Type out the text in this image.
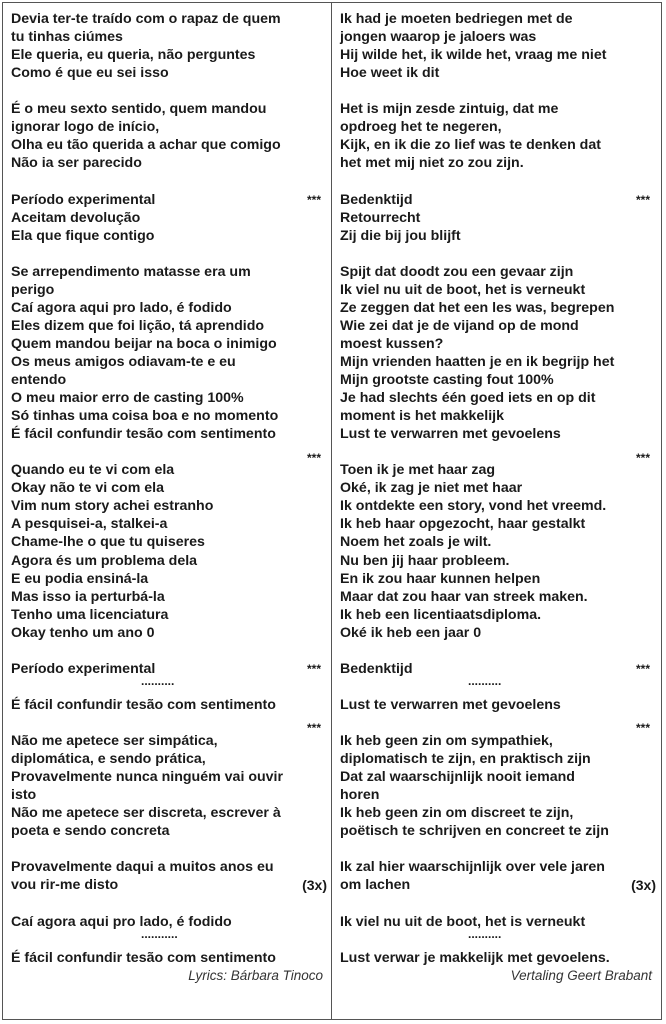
Devia ter-te traído com o rapaz de quem
tu tinhas ciúmes
Ele queria, eu queria, não perguntes
Como é que eu sei isso
É o meu sexto sentido, quem mandou
ignorar logo de início,
Olha eu tão querida a achar que comigo
Não ia ser parecido
Período experimental
Aceitam devolução
Ela que fique contigo
Se arrependimento matasse era um
perigo
Caí agora aqui pro lado, é fodido
Eles dizem que foi lição, tá aprendido
Quem mandou beijar na boca o inimigo
Os meus amigos odiavam-te e eu
entendo
O meu maior erro de casting 100%
Só tinhas uma coisa boa e no momento
É fácil confundir tesão com sentimento
Quando eu te vi com ela
Okay não te vi com ela
Vim num story achei estranho
A pesquisei-a, stalkei-a
Chame-lhe o que tu quiseres
Agora és um problema dela
E eu podia ensiná-la
Mas isso ia perturbá-la
Tenho uma licenciatura
Okay tenho um ano 0
Período experimental
É fácil confundir tesão com sentimento
Não me apetece ser simpática,
diplomática, e sendo prática,
Provavelmente nunca ninguém vai ouvir
isto
Não me apetece ser discreta, escrever à
poeta e sendo concreta
Provavelmente daqui a muitos anos eu
vou rir-me disto
Caí agora aqui pro lado, é fodido
É fácil confundir tesão com sentimento
***
***
***
***
..........
...........
(3x)
Lyrics: Bárbara Tinoco
Ik had je moeten bedriegen met de
jongen waarop je jaloers was
Hij wilde het, ik wilde het, vraag me niet
Hoe weet ik dit
Het is mijn zesde zintuig, dat me
opdroeg het te negeren,
Kijk, en ik die zo lief was te denken dat
het met mij niet zo zou zijn.
Bedenktijd
Retourrecht
Zij die bij jou blijft
Spijt dat doodt zou een gevaar zijn
Ik viel nu uit de boot, het is verneukt
Ze zeggen dat het een les was, begrepen
Wie zei dat je de vijand op de mond
moest kussen?
Mijn vrienden haatten je en ik begrijp het
Mijn grootste casting fout 100%
Je had slechts één goed iets en op dit
moment is het makkelijk
Lust te verwarren met gevoelens
Toen ik je met haar zag
Oké, ik zag je niet met haar
Ik ontdekte een story, vond het vreemd.
Ik heb haar opgezocht, haar gestalkt
Noem het zoals je wilt.
Nu ben jij haar probleem.
En ik zou haar kunnen helpen
Maar dat zou haar van streek maken.
Ik heb een licentiaatsdiploma.
Oké ik heb een jaar 0
Bedenktijd
Lust te verwarren met gevoelens
Ik heb geen zin om sympathiek,
diplomatisch te zijn, en praktisch zijn
Dat zal waarschijnlijk nooit iemand
horen
Ik heb geen zin om discreet te zijn,
poëtisch te schrijven en concreet te zijn
Ik zal hier waarschijnlijk over vele jaren
om lachen
Ik viel nu uit de boot, het is verneukt
Lust verwar je makkelijk met gevoelens.
***
***
***
***
..........
..........
(3x)
Vertaling Geert Brabant
